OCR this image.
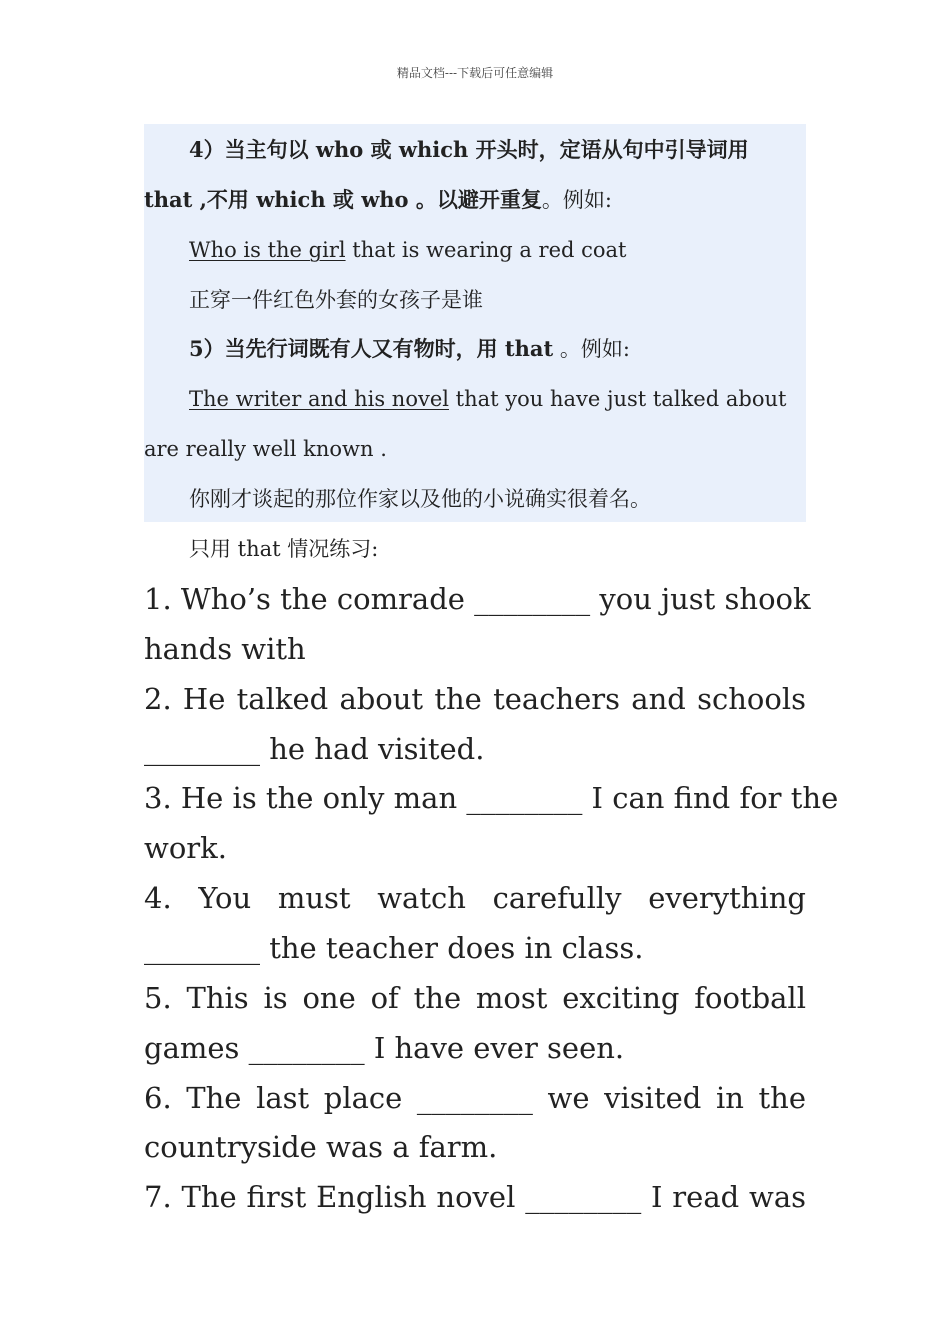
精品文档---下载后可任意编辑
4）当主句以 who 或 which 开头时，定语从句中引导词用
that ,不用 which 或 who 。以避开重复。例如:
Who is the girl that is wearing a red coat
正穿一件红色外套的女孩子是谁
5）当先行词既有人又有物时，用 that 。例如:
The writer and his novel that you have just talked about
are really well known .
你刚才谈起的那位作家以及他的小说确实很着名。
只用 that 情况练习:
1. Who’s the comrade ________ you just shook
hands with
2. He talked about the teachers and schools
________ he had visited.
3. He is the only man ________ I can find for the
work.
4. You must watch carefully everything
________ the teacher does in class.
5. This is one of the most exciting football
games ________ I have ever seen.
6. The last place ________ we visited in the
countryside was a farm.
7. The first English novel ________ I read was
